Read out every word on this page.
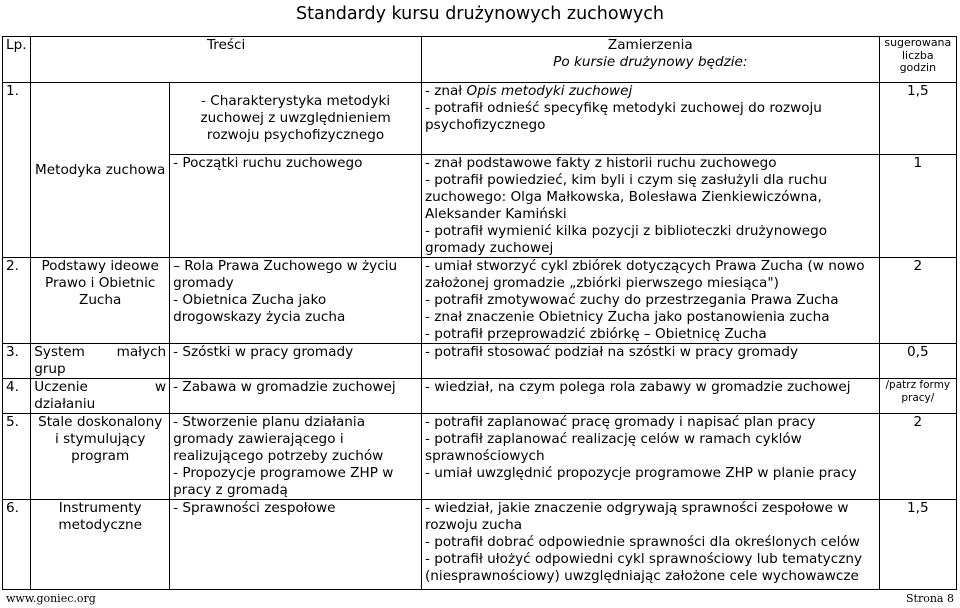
Standardy kursu drużynowych zuchowych
Lp.	Treści		Zamierzenia
Po kursie drużynowy będzie:	sugerowana liczba godzin
1.	Metodyka zuchowa	- Charakterystyka metodyki zuchowej z uwzględnieniem rozwoju psychofizycznego	- znał Opis metodyki zuchowej
- potrafił odnieść specyfikę metodyki zuchowej do rozwoju psychofizycznego	1,5
		- Początki ruchu zuchowego	- znał podstawowe fakty z historii ruchu zuchowego
- potrafił powiedzieć, kim byli i czym się zasłużyli dla ruchu zuchowego: Olga Małkowska, Bolesława Zienkiewiczówna, Aleksander Kamiński
- potrafił wymienić kilka pozycji z biblioteczki drużynowego gromady zuchowej	1
2.	Podstawy ideowe Prawo i Obietnic Zucha	– Rola Prawa Zuchowego w życiu gromady
- Obietnica Zucha jako drogowskazy życia zucha	- umiał stworzyć cykl zbiórek dotyczących Prawa Zucha (w nowo założonej gromadzie „zbiórki pierwszego miesiąca")
- potrafił zmotywować zuchy do przestrzegania Prawa Zucha
- znał znaczenie Obietnicy Zucha jako postanowienia zucha
- potrafił przeprowadzić zbiórkę – Obietnicę Zucha	2
3.	System małych grup	- Szóstki w pracy gromady	- potrafił stosować podział na szóstki w pracy gromady	0,5
4.	Uczenie w działaniu	- Zabawa w gromadzie zuchowej	- wiedział, na czym polega rola zabawy w gromadzie zuchowej	/patrz formy pracy/
5.	Stale doskonalony i stymulujący program	- Stworzenie planu działania gromady zawierającego i realizującego potrzeby zuchów
- Propozycje programowe ZHP w pracy z gromadą	- potrafił zaplanować pracę gromady i napisać plan pracy
- potrafił zaplanować realizację celów w ramach cyklów sprawnościowych
- umiał uwzględnić propozycje programowe ZHP w planie pracy	2
6.	Instrumenty metodyczne	- Sprawności zespołowe	- wiedział, jakie znaczenie odgrywają sprawności zespołowe w rozwoju zucha
- potrafił dobrać odpowiednie sprawności dla określonych celów
- potrafił ułożyć odpowiedni cykl sprawnościowy lub tematyczny (niesprawnościowy) uwzględniając założone cele wychowawcze	1,5
www.goniec.org	Strona 8
